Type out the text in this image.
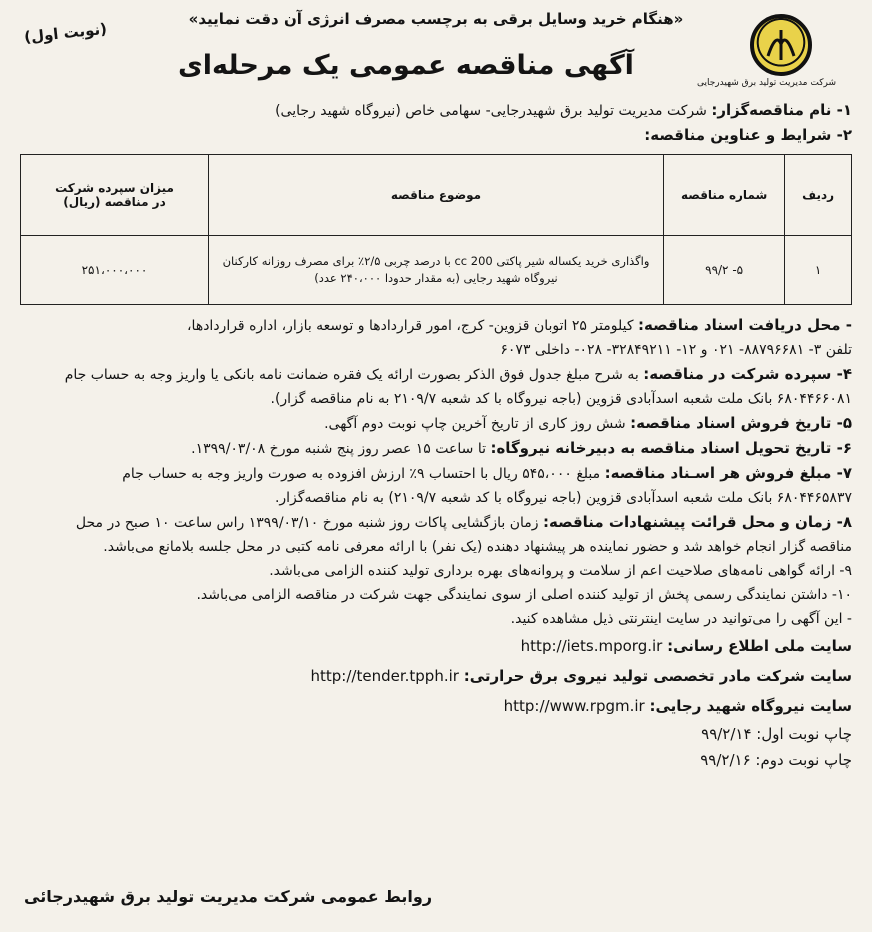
شرکت مدیریت تولید برق شهیدرجایی
«هنگام خرید وسایل برقی به برچسب مصرف انرژی آن دقت نمایید»
(نوبت اول)
آگهی مناقصه عمومی یک مرحله‌ای

۱- نام مناقصه‌گزار: شرکت مدیریت تولید برق شهیدرجایی- سهامی خاص (نیروگاه شهید رجایی)

۲- شرایط و عناوین مناقصه:

ردیف	شماره مناقصه	موضوع مناقصه	میزان سپرده شرکت
در مناقصه (ریال)

۱	۵- ۹۹/۲	واگذاری خرید یکساله شیر پاکتی 200 cc با درصد چربی ۲/۵٪ برای مصرف روزانه کارکنان
نیروگاه شهید رجایی (به مقدار حدودا ۲۴۰،۰۰۰ عدد)	۲۵۱،۰۰۰،۰۰۰

- محل دریافت اسناد مناقصه: کیلومتر ۲۵ اتوبان قزوین- کرج، امور قراردادها و توسعه بازار، اداره قراردادها،

تلفن ۳- ۸۸۷۹۶۶۸۱- ۰۲۱ و ۱۲- ۳۲۸۴۹۲۱۱- ۰۲۸- داخلی ۶۰۷۳

۴- سپرده شرکت در مناقصه: به شرح مبلغ جدول فوق الذکر بصورت ارائه یک فقره ضمانت نامه بانکی یا واریز وجه به حساب جام

۶۸۰۴۴۶۶۰۸۱ بانک ملت شعبه اسدآبادی قزوین (باجه نیروگاه با کد شعبه ۲۱۰۹/۷ به نام مناقصه گزار).

۵- تاریخ فروش اسناد مناقصه: شش روز کاری از تاریخ آخرین چاپ نوبت دوم آگهی.

۶- تاریخ تحویل اسناد مناقصه به دبیرخانه نیروگاه: تا ساعت ۱۵ عصر روز پنج شنبه مورخ ۱۳۹۹/۰۳/۰۸.

۷- مبلغ فروش هر اسـناد مناقصه: مبلغ ۵۴۵،۰۰۰ ریال با احتساب ۹٪ ارزش افزوده به صورت واریز وجه به حساب جام

۶۸۰۴۴۶۵۸۳۷ بانک ملت شعبه اسدآبادی قزوین (باجه نیروگاه با کد شعبه ۲۱۰۹/۷) به نام مناقصه‌گزار.

۸- زمان و محل قرائت پیشنهادات مناقصه: زمان بازگشایی پاکات روز شنبه مورخ ۱۳۹۹/۰۳/۱۰ راس ساعت ۱۰ صبح در محل

مناقصه گزار انجام خواهد شد و حضور نماینده هر پیشنهاد دهنده (یک نفر) با ارائه معرفی نامه کتبی در محل جلسه بلامانع می‌باشد.

۹- ارائه گواهی نامه‌های صلاحیت اعم از سلامت و پروانه‌های بهره برداری تولید کننده الزامی می‌باشد.

۱۰- داشتن نمایندگی رسمی پخش از تولید کننده اصلی از سوی نمایندگی جهت شرکت در مناقصه الزامی می‌باشد.

- این آگهی را می‌توانید در سایت اینترنتی ذیل مشاهده کنید.

سایت ملی اطلاع رسانی: http://iets.mporg.ir

سایت شرکت مادر تخصصی تولید نیروی برق حرارتی: http://tender.tpph.ir

سایت نیروگاه شهید رجایی: http://www.rpgm.ir

چاپ نوبت اول: ۹۹/۲/۱۴

چاپ نوبت دوم: ۹۹/۲/۱۶

روابط عمومی شرکت مدیریت تولید برق شهیدرجائی
